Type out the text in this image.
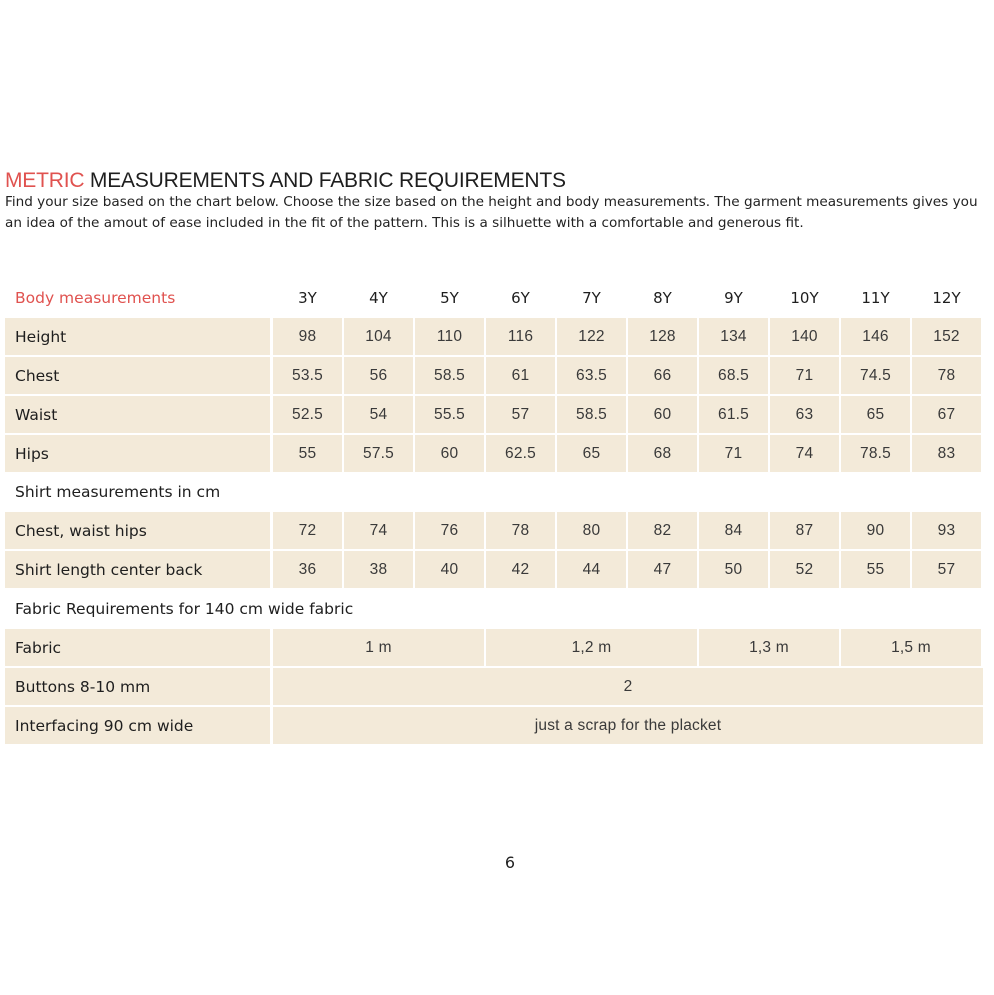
METRIC MEASUREMENTS AND FABRIC REQUIREMENTS

Find your size based on the chart below. Choose the size based on the height and body measurements. The garment measurements gives you an idea of the amout of ease included in the fit of the pattern. This is a silhuette with a comfortable and generous fit.

Body measurements	3Y	4Y	5Y	6Y	7Y	8Y	9Y	10Y	11Y	12Y
Height	98	104	110	116	122	128	134	140	146	152
Chest	53.5	56	58.5	61	63.5	66	68.5	71	74.5	78
Waist	52.5	54	55.5	57	58.5	60	61.5	63	65	67
Hips	55	57.5	60	62.5	65	68	71	74	78.5	83
Shirt measurements in cm
Chest, waist hips	72	74	76	78	80	82	84	87	90	93
Shirt length center back	36	38	40	42	44	47	50	52	55	57
Fabric Requirements for 140 cm wide fabric
Fabric	1 m	1,2 m	1,3 m	1,5 m
Buttons 8-10 mm	2
Interfacing 90 cm wide	just a scrap for the placket
6
